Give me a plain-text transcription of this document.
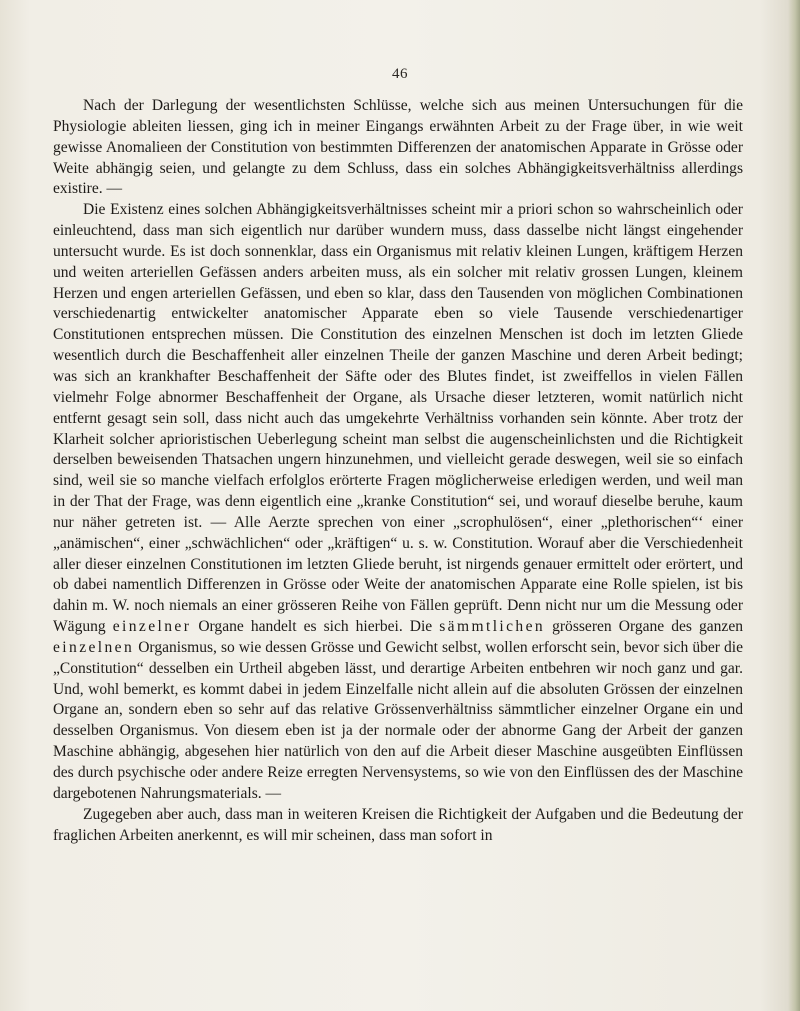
46

Nach der Darlegung der wesentlichsten Schlüsse, welche sich aus meinen Untersuchungen für die Physiologie ableiten liessen, ging ich in meiner Eingangs erwähnten Arbeit zu der Frage über, in wie weit gewisse Anomalieen der Constitution von bestimmten Differenzen der anatomischen Apparate in Grösse oder Weite abhängig seien, und gelangte zu dem Schluss, dass ein solches Abhängigkeitsverhältniss allerdings existire. —

Die Existenz eines solchen Abhängigkeitsverhältnisses scheint mir a priori schon so wahrscheinlich oder einleuchtend, dass man sich eigentlich nur darüber wundern muss, dass dasselbe nicht längst eingehender untersucht wurde. Es ist doch sonnenklar, dass ein Organismus mit relativ kleinen Lungen, kräftigem Herzen und weiten arteriellen Gefässen anders arbeiten muss, als ein solcher mit relativ grossen Lungen, kleinem Herzen und engen arteriellen Gefässen, und eben so klar, dass den Tausenden von möglichen Combinationen verschiedenartig entwickelter anatomischer Apparate eben so viele Tausende verschiedenartiger Constitutionen entsprechen müssen. Die Constitution des einzelnen Menschen ist doch im letzten Gliede wesentlich durch die Beschaffenheit aller einzelnen Theile der ganzen Maschine und deren Arbeit bedingt; was sich an krankhafter Beschaffenheit der Säfte oder des Blutes findet, ist zweiffellos in vielen Fällen vielmehr Folge abnormer Beschaffenheit der Organe, als Ursache dieser letzteren, womit natürlich nicht entfernt gesagt sein soll, dass nicht auch das umgekehrte Verhältniss vorhanden sein könnte. Aber trotz der Klarheit solcher aprioristischen Ueberlegung scheint man selbst die augenscheinlichsten und die Richtigkeit derselben beweisenden Thatsachen ungern hinzunehmen, und vielleicht gerade deswegen, weil sie so einfach sind, weil sie so manche vielfach erfolglos erörterte Fragen möglicherweise erledigen werden, und weil man in der That der Frage, was denn eigentlich eine „kranke Constitution“ sei, und worauf dieselbe beruhe, kaum nur näher getreten ist. — Alle Aerzte sprechen von einer „scrophulösen“, einer „plethorischen“‘ einer „anämischen“, einer „schwächlichen“ oder „kräftigen“ u. s. w. Constitution. Worauf aber die Verschiedenheit aller dieser einzelnen Constitutionen im letzten Gliede beruht, ist nirgends genauer ermittelt oder erörtert, und ob dabei namentlich Differenzen in Grösse oder Weite der anatomischen Apparate eine Rolle spielen, ist bis dahin m. W. noch niemals an einer grösseren Reihe von Fällen geprüft. Denn nicht nur um die Messung oder Wägung einzelner Organe handelt es sich hierbei. Die sämmtlichen grösseren Organe des ganzen einzelnen Organismus, so wie dessen Grösse und Gewicht selbst, wollen erforscht sein, bevor sich über die „Constitution“ desselben ein Urtheil abgeben lässt, und derartige Arbeiten entbehren wir noch ganz und gar. Und, wohl bemerkt, es kommt dabei in jedem Einzelfalle nicht allein auf die absoluten Grössen der einzelnen Organe an, sondern eben so sehr auf das relative Grössenverhältniss sämmtlicher einzelner Organe ein und desselben Organismus. Von diesem eben ist ja der normale oder der abnorme Gang der Arbeit der ganzen Maschine abhängig, abgesehen hier natürlich von den auf die Arbeit dieser Maschine ausgeübten Einflüssen des durch psychische oder andere Reize erregten Nervensystems, so wie von den Einflüssen des der Maschine dargebotenen Nahrungsmaterials. —

Zugegeben aber auch, dass man in weiteren Kreisen die Richtigkeit der Aufgaben und die Bedeutung der fraglichen Arbeiten anerkennt, es will mir scheinen, dass man sofort in
